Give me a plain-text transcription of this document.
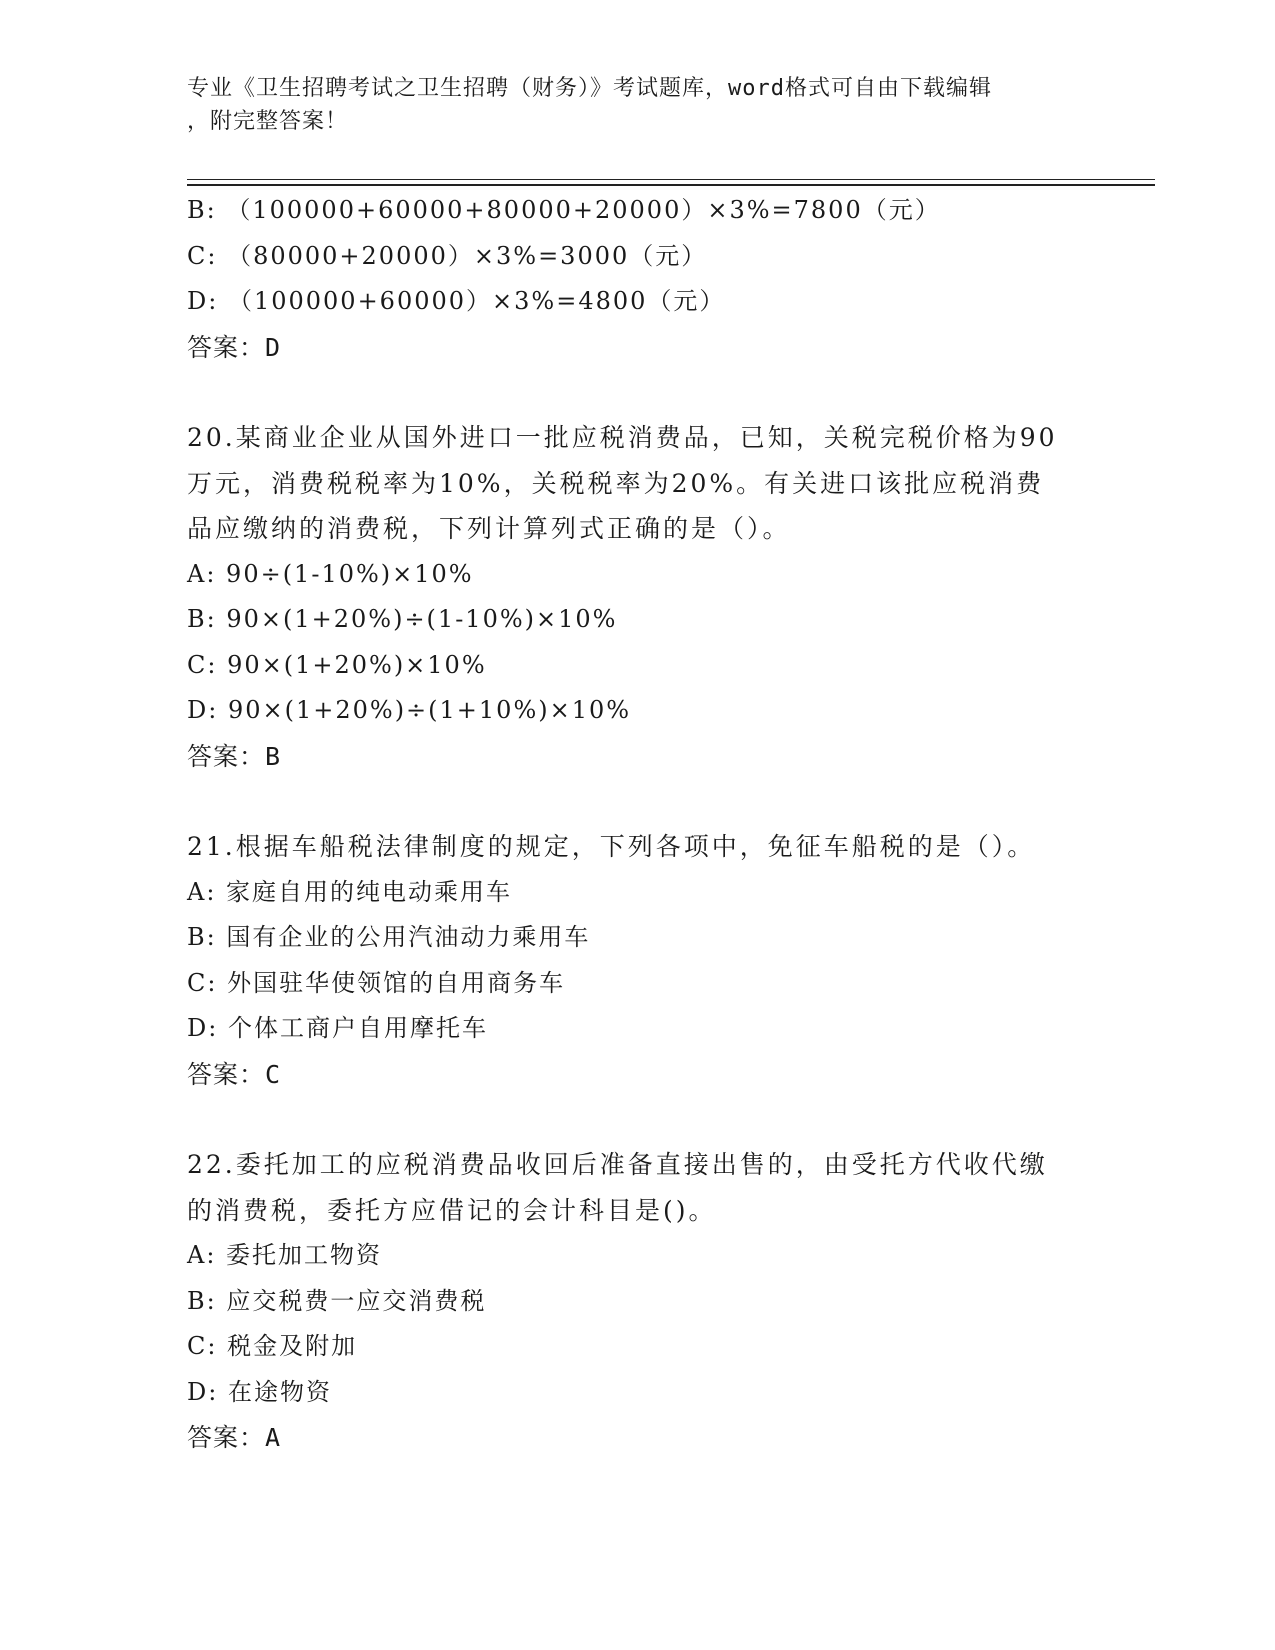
专业《卫生招聘考试之卫生招聘（财务）》考试题库，word格式可自由下载编辑

，附完整答案！

B: （100000+60000+80000+20000）×3%=7800（元）
C: （80000+20000）×3%=3000（元）
D: （100000+60000）×3%=4800（元）
答案：D
20.某商业企业从国外进口一批应税消费品，已知，关税完税价格为90
万元，消费税税率为10%，关税税率为20%。有关进口该批应税消费
品应缴纳的消费税，下列计算列式正确的是（）。
A: 90÷(1-10%)×10%
B: 90×(1+20%)÷(1-10%)×10%
C: 90×(1+20%)×10%
D: 90×(1+20%)÷(1+10%)×10%
答案：B
21.根据车船税法律制度的规定，下列各项中，免征车船税的是（）。
A: 家庭自用的纯电动乘用车
B: 国有企业的公用汽油动力乘用车
C: 外国驻华使领馆的自用商务车
D: 个体工商户自用摩托车
答案：C
22.委托加工的应税消费品收回后准备直接出售的，由受托方代收代缴
的消费税，委托方应借记的会计科目是()。
A: 委托加工物资
B: 应交税费一应交消费税
C: 税金及附加
D: 在途物资
答案：A
